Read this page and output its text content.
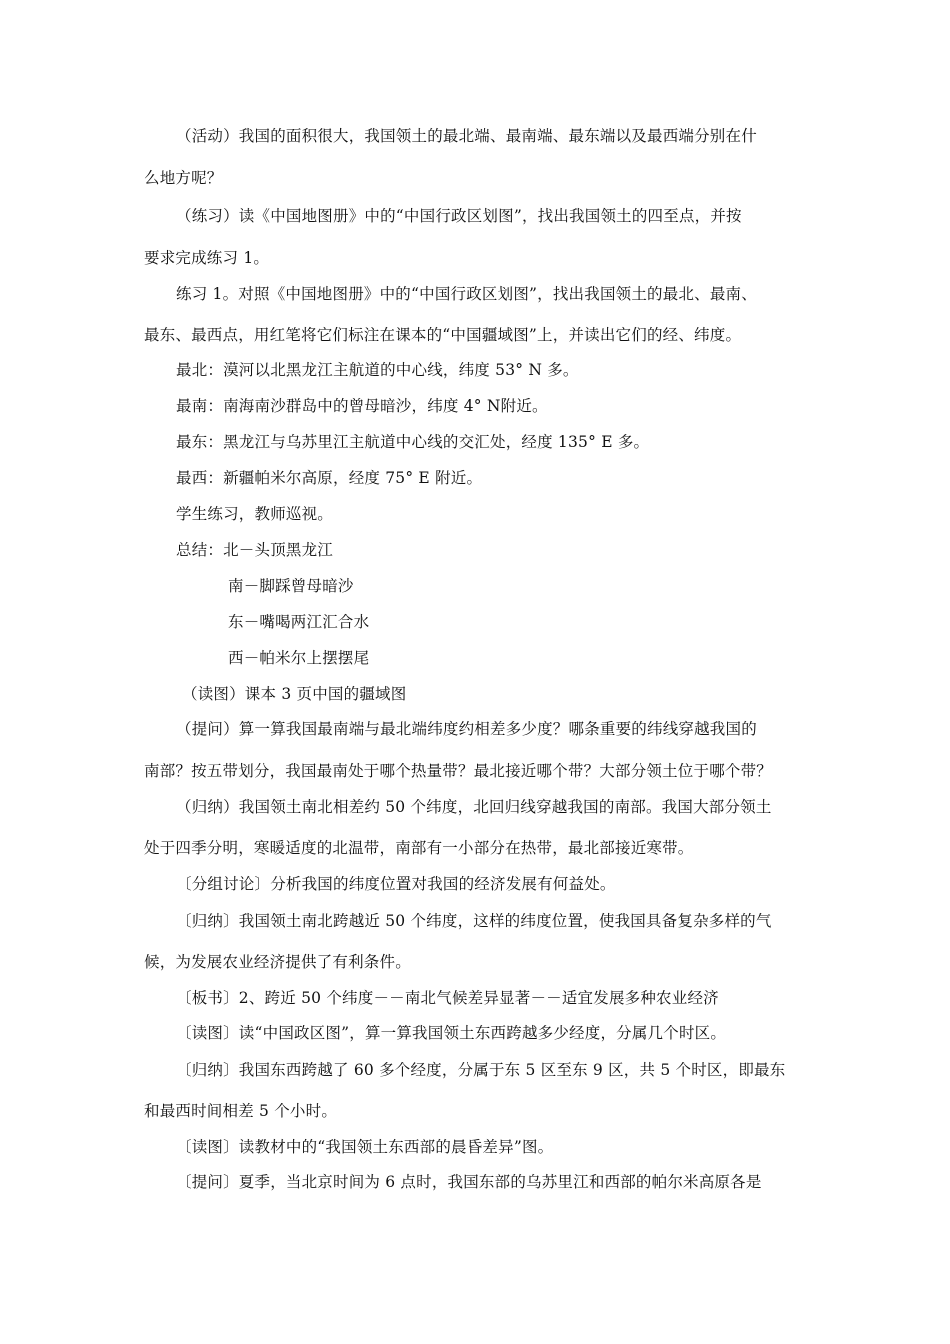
（活动）我国的面积很大，我国领土的最北端、最南端、最东端以及最西端分别在什
么地方呢？
（练习）读《中国地图册》中的“中国行政区划图”，找出我国领土的四至点，并按
要求完成练习 1。
练习 1。对照《中国地图册》中的“中国行政区划图”，找出我国领土的最北、最南、
最东、最西点，用红笔将它们标注在课本的“中国疆域图”上，并读出它们的经、纬度。
最北：漠河以北黑龙江主航道的中心线，纬度 53° N 多。
最南：南海南沙群岛中的曾母暗沙，纬度 4° N附近。
最东：黑龙江与乌苏里江主航道中心线的交汇处，经度 135° E 多。
最西：新疆帕米尔高原，经度 75° E 附近。
学生练习，教师巡视。
总结：北－头顶黑龙江
南－脚踩曾母暗沙
东－嘴喝两江汇合水
西－帕米尔上摆摆尾
（读图）课本 3 页中国的疆域图
（提问）算一算我国最南端与最北端纬度约相差多少度？哪条重要的纬线穿越我国的
南部？按五带划分，我国最南处于哪个热量带？最北接近哪个带？大部分领土位于哪个带？
（归纳）我国领土南北相差约 50 个纬度，北回归线穿越我国的南部。我国大部分领土
处于四季分明，寒暖适度的北温带，南部有一小部分在热带，最北部接近寒带。
〔分组讨论〕分析我国的纬度位置对我国的经济发展有何益处。
〔归纳〕我国领土南北跨越近 50 个纬度，这样的纬度位置，使我国具备复杂多样的气
候，为发展农业经济提供了有利条件。
〔板书〕2、跨近 50 个纬度－－南北气候差异显著－－适宜发展多种农业经济
〔读图〕读“中国政区图”，算一算我国领土东西跨越多少经度，分属几个时区。
〔归纳〕我国东西跨越了 60 多个经度，分属于东 5 区至东 9 区，共 5 个时区，即最东
和最西时间相差 5 个小时。
〔读图〕读教材中的“我国领土东西部的晨昏差异”图。
〔提问〕夏季，当北京时间为 6 点时，我国东部的乌苏里江和西部的帕尔米高原各是
